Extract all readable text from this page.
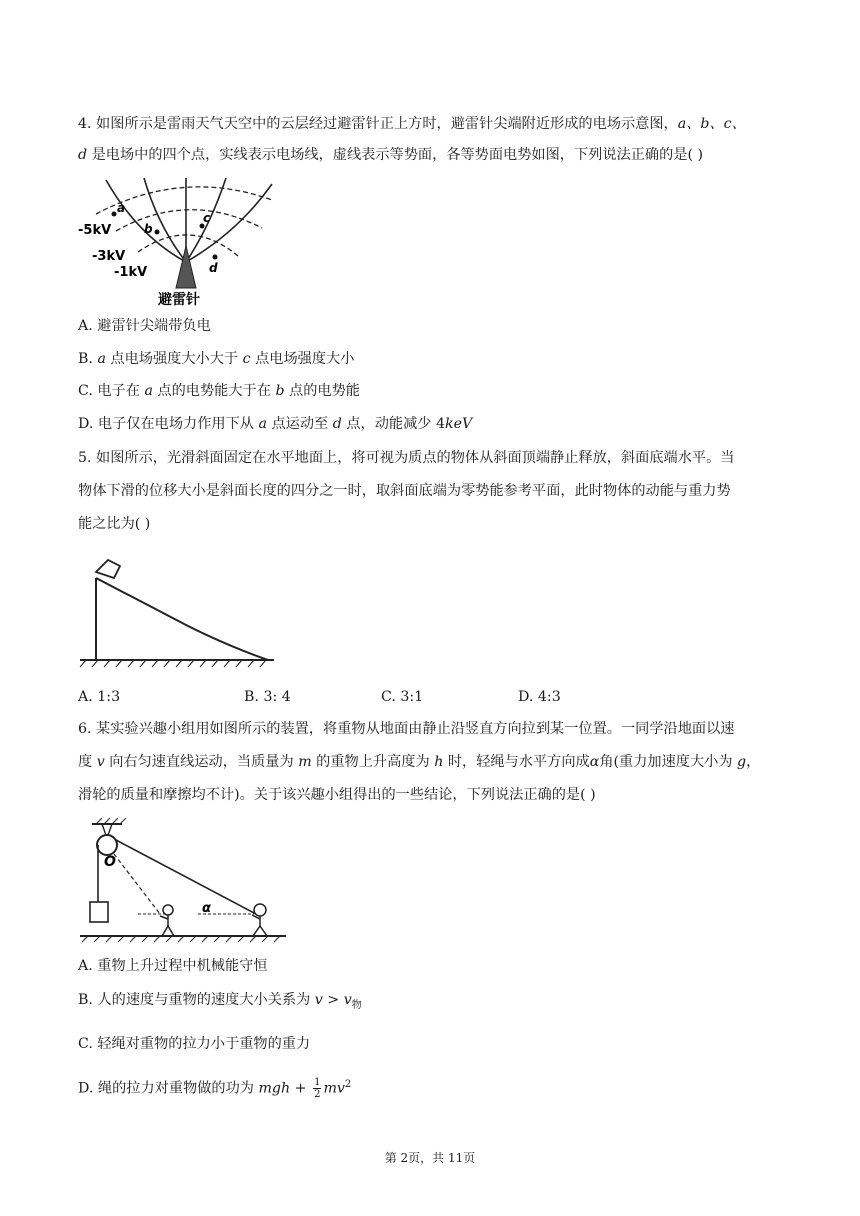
4. 如图所示是雷雨天气天空中的云层经过避雷针正上方时，避雷针尖端附近形成的电场示意图，a、b、c、
d 是电场中的四个点，实线表示电场线，虚线表示等势面，各等势面电势如图，下列说法正确的是( )
a
b
c
d
-5kV
-3kV
-1kV
避雷针
A. 避雷针尖端带负电
B. a 点电场强度大小大于 c 点电场强度大小
C. 电子在 a 点的电势能大于在 b 点的电势能
D. 电子仅在电场力作用下从 a 点运动至 d 点，动能减少 4keV
5. 如图所示，光滑斜面固定在水平地面上，将可视为质点的物体从斜面顶端静止释放，斜面底端水平。当
物体下滑的位移大小是斜面长度的四分之一时，取斜面底端为零势能参考平面，此时物体的动能与重力势
能之比为( )
A. 1:3	B. 3: 4	C. 3:1	D. 4:3
6. 某实验兴趣小组用如图所示的装置，将重物从地面由静止沿竖直方向拉到某一位置。一同学沿地面以速
度 v 向右匀速直线运动，当质量为 m 的重物上升高度为 h 时，轻绳与水平方向成α角(重力加速度大小为 g，
滑轮的质量和摩擦均不计)。关于该兴趣小组得出的一些结论，下列说法正确的是( )
O
α
A. 重物上升过程中机械能守恒
B. 人的速度与重物的速度大小关系为 $v > v_物$
C. 轻绳对重物的拉力小于重物的重力
D. 绳的拉力对重物做的功为 mgh + $\frac{1}{2} mv^2$
第 2页，共 11页
